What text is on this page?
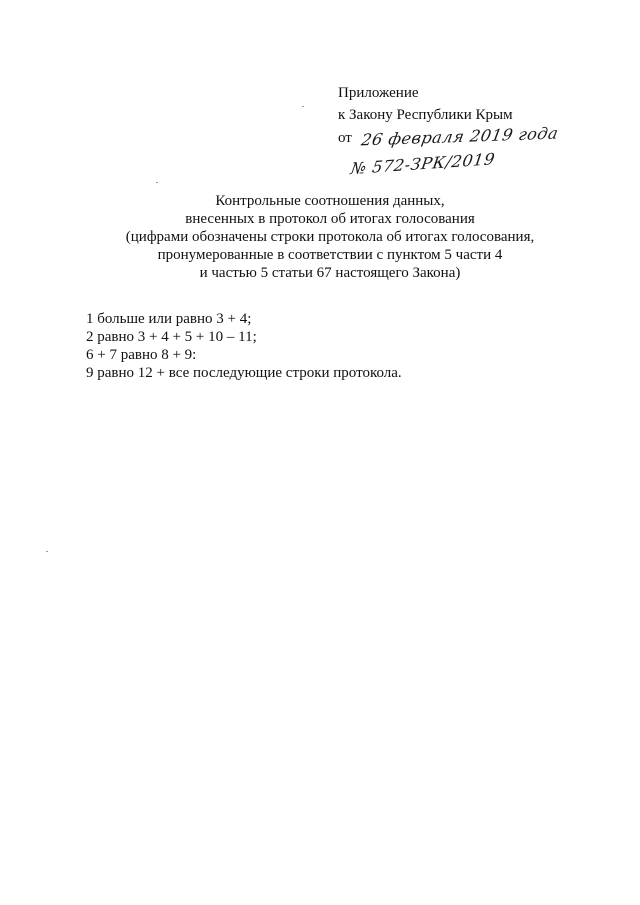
Приложение
к Закону Республики Крым
от 26 февраля 2019 года
№ 572-ЗРК/2019
Контрольные соотношения данных,
внесенных в протокол об итогах голосования
(цифрами обозначены строки протокола об итогах голосования,
пронумерованные в соответствии с пунктом 5 части 4
и частью 5 статьи 67 настоящего Закона)
1 больше или равно 3 + 4;
2 равно 3 + 4 + 5 + 10 – 11;
6 + 7 равно 8 + 9:
9 равно 12 + все последующие строки протокола.
